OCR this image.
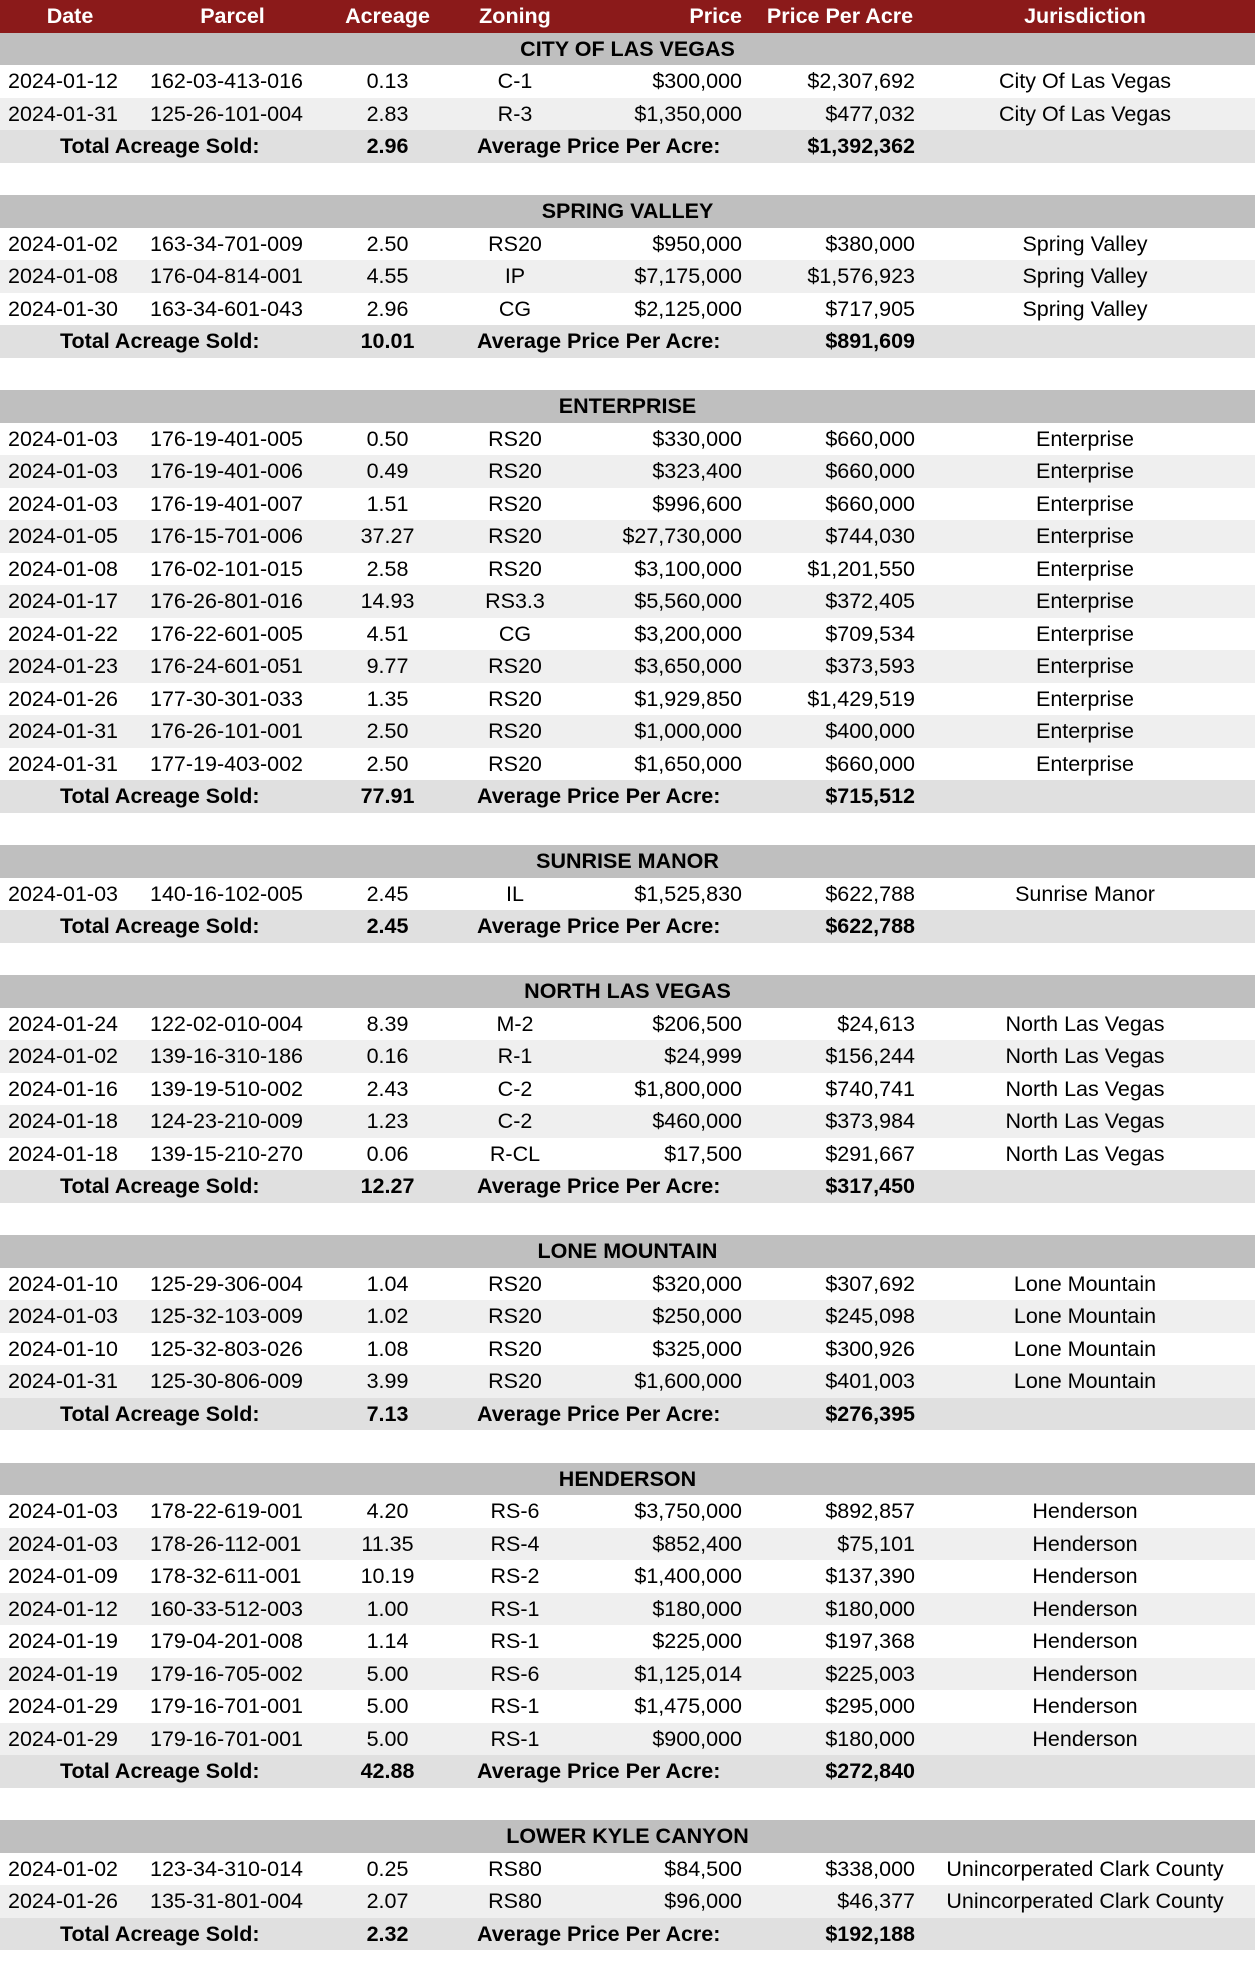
Date	Parcel	Acreage	Zoning	Price	Price Per Acre	Jurisdiction
CITY OF LAS VEGAS
2024-01-12	162-03-413-016	0.13	C-1	$300,000	$2,307,692	City Of Las Vegas
2024-01-31	125-26-101-004	2.83	R-3	$1,350,000	$477,032	City Of Las Vegas
Total Acreage Sold:	2.96	Average Price Per Acre:	$1,392,362
SPRING VALLEY
2024-01-02	163-34-701-009	2.50	RS20	$950,000	$380,000	Spring Valley
2024-01-08	176-04-814-001	4.55	IP	$7,175,000	$1,576,923	Spring Valley
2024-01-30	163-34-601-043	2.96	CG	$2,125,000	$717,905	Spring Valley
Total Acreage Sold:	10.01	Average Price Per Acre:	$891,609
ENTERPRISE
2024-01-03	176-19-401-005	0.50	RS20	$330,000	$660,000	Enterprise
2024-01-03	176-19-401-006	0.49	RS20	$323,400	$660,000	Enterprise
2024-01-03	176-19-401-007	1.51	RS20	$996,600	$660,000	Enterprise
2024-01-05	176-15-701-006	37.27	RS20	$27,730,000	$744,030	Enterprise
2024-01-08	176-02-101-015	2.58	RS20	$3,100,000	$1,201,550	Enterprise
2024-01-17	176-26-801-016	14.93	RS3.3	$5,560,000	$372,405	Enterprise
2024-01-22	176-22-601-005	4.51	CG	$3,200,000	$709,534	Enterprise
2024-01-23	176-24-601-051	9.77	RS20	$3,650,000	$373,593	Enterprise
2024-01-26	177-30-301-033	1.35	RS20	$1,929,850	$1,429,519	Enterprise
2024-01-31	176-26-101-001	2.50	RS20	$1,000,000	$400,000	Enterprise
2024-01-31	177-19-403-002	2.50	RS20	$1,650,000	$660,000	Enterprise
Total Acreage Sold:	77.91	Average Price Per Acre:	$715,512
SUNRISE MANOR
2024-01-03	140-16-102-005	2.45	IL	$1,525,830	$622,788	Sunrise Manor
Total Acreage Sold:	2.45	Average Price Per Acre:	$622,788
NORTH LAS VEGAS
2024-01-24	122-02-010-004	8.39	M-2	$206,500	$24,613	North Las Vegas
2024-01-02	139-16-310-186	0.16	R-1	$24,999	$156,244	North Las Vegas
2024-01-16	139-19-510-002	2.43	C-2	$1,800,000	$740,741	North Las Vegas
2024-01-18	124-23-210-009	1.23	C-2	$460,000	$373,984	North Las Vegas
2024-01-18	139-15-210-270	0.06	R-CL	$17,500	$291,667	North Las Vegas
Total Acreage Sold:	12.27	Average Price Per Acre:	$317,450
LONE MOUNTAIN
2024-01-10	125-29-306-004	1.04	RS20	$320,000	$307,692	Lone Mountain
2024-01-03	125-32-103-009	1.02	RS20	$250,000	$245,098	Lone Mountain
2024-01-10	125-32-803-026	1.08	RS20	$325,000	$300,926	Lone Mountain
2024-01-31	125-30-806-009	3.99	RS20	$1,600,000	$401,003	Lone Mountain
Total Acreage Sold:	7.13	Average Price Per Acre:	$276,395
HENDERSON
2024-01-03	178-22-619-001	4.20	RS-6	$3,750,000	$892,857	Henderson
2024-01-03	178-26-112-001	11.35	RS-4	$852,400	$75,101	Henderson
2024-01-09	178-32-611-001	10.19	RS-2	$1,400,000	$137,390	Henderson
2024-01-12	160-33-512-003	1.00	RS-1	$180,000	$180,000	Henderson
2024-01-19	179-04-201-008	1.14	RS-1	$225,000	$197,368	Henderson
2024-01-19	179-16-705-002	5.00	RS-6	$1,125,014	$225,003	Henderson
2024-01-29	179-16-701-001	5.00	RS-1	$1,475,000	$295,000	Henderson
2024-01-29	179-16-701-001	5.00	RS-1	$900,000	$180,000	Henderson
Total Acreage Sold:	42.88	Average Price Per Acre:	$272,840
LOWER KYLE CANYON
2024-01-02	123-34-310-014	0.25	RS80	$84,500	$338,000	Unincorperated Clark County
2024-01-26	135-31-801-004	2.07	RS80	$96,000	$46,377	Unincorperated Clark County
Total Acreage Sold:	2.32	Average Price Per Acre:	$192,188
